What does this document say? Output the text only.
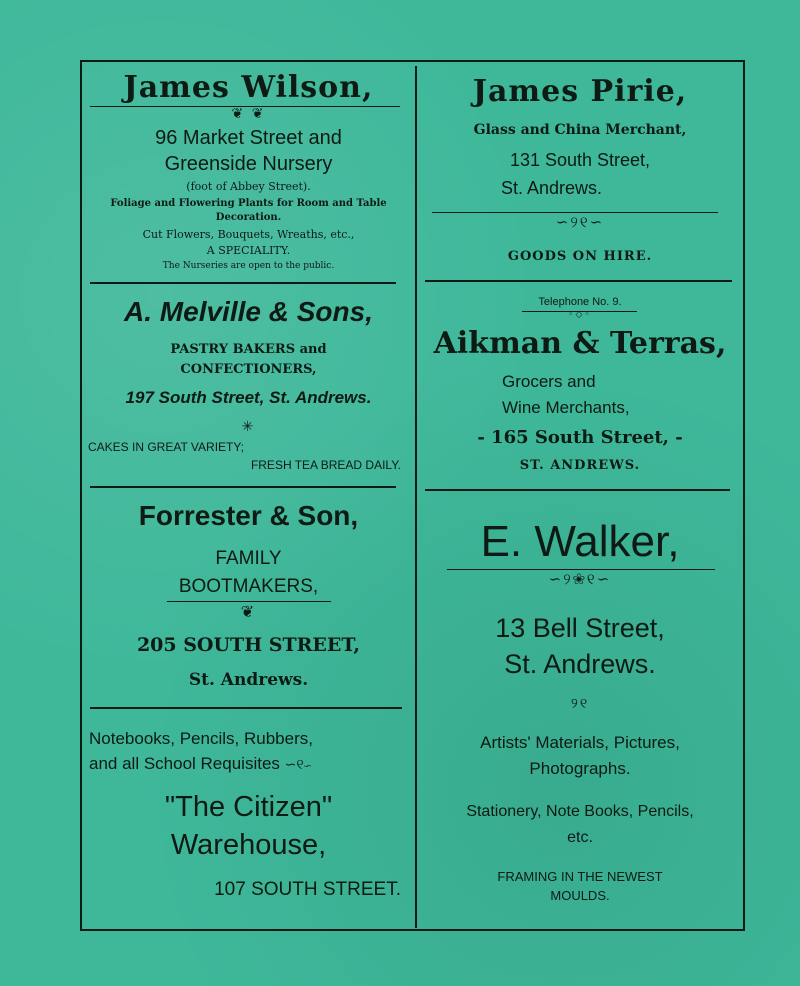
James Wilson,
❦ ❦
96 Market Street and
Greenside Nursery
(foot of Abbey Street).
Foliage and Flowering Plants for Room and Table
Decoration.
Cut Flowers, Bouquets, Wreaths, etc.,
A SPECIALITY.
The Nurseries are open to the public.
A. Melville & Sons,
PASTRY BAKERS and
CONFECTIONERS,
197 South Street, St. Andrews.
✳
CAKES IN GREAT VARIETY;
FRESH TEA BREAD DAILY.
Forrester & Son,
FAMILY
BOOTMAKERS,
❦
205 SOUTH STREET,
St. Andrews.
Notebooks, Pencils, Rubbers,
and all School Requisites ∽୧∽
"The Citizen"
Warehouse,
107 SOUTH STREET.
James Pirie,
Glass and China Merchant,
131 South Street,
St. Andrews.
∽୨୧∽
GOODS ON HIRE.
Telephone No. 9.
◦◇◦
Aikman & Terras,
Grocers and
Wine Merchants,
- 165 South Street, -
ST. ANDREWS.
E. Walker,
∽୨❀୧∽
13 Bell Street,
St. Andrews.
୨୧
Artists' Materials, Pictures,
Photographs.
Stationery, Note Books, Pencils,
etc.
FRAMING IN THE NEWEST
MOULDS.
